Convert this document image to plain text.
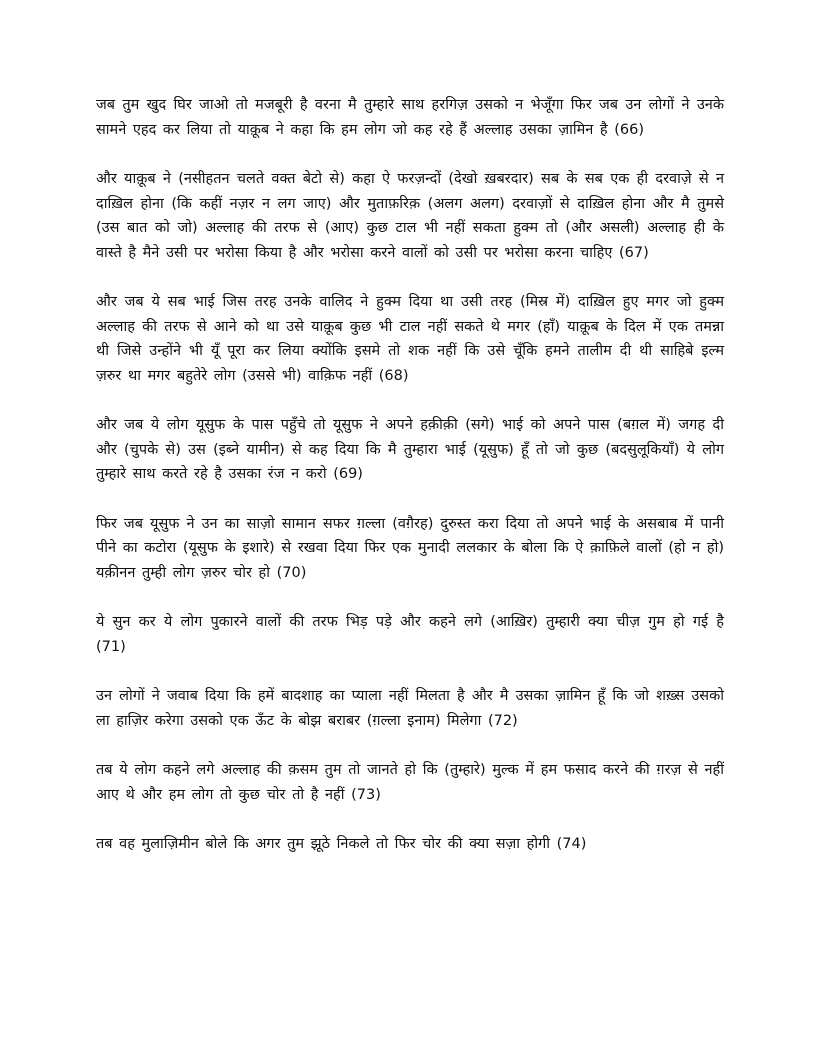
जब तुम खुद घिर जाओ तो मजबूरी है वरना मै तुम्हारे साथ हरगिज़ उसको न भेजूँगा फिर जब उन लोगों ने उनके सामने एहद कर लिया तो याक़ूब ने कहा कि हम लोग जो कह रहे हैं अल्लाह उसका ज़ामिन है (66)

और याक़ूब ने (नसीहतन चलते वक्त बेटो से) कहा ऐ फरज़न्दों (देखो ख़बरदार) सब के सब एक ही दरवाज़े से न दाख़िल होना (कि कहीं नज़र न लग जाए) और मुताफ़रिक़ (अलग अलग) दरवाज़ों से दाख़िल होना और मै तुमसे (उस बात को जो) अल्लाह की तरफ से (आए) कुछ टाल भी नहीं सकता हुक्म तो (और असली) अल्लाह ही के वास्ते है मैने उसी पर भरोसा किया है और भरोसा करने वालों को उसी पर भरोसा करना चाहिए (67)

और जब ये सब भाई जिस तरह उनके वालिद ने हुक्म दिया था उसी तरह (मिस्र में) दाख़िल हुए मगर जो हुक्म अल्लाह की तरफ से आने को था उसे याक़ूब कुछ भी टाल नहीं सकते थे मगर (हाँ) याक़ूब के दिल में एक तमन्ना थी जिसे उन्होंने भी यूँ पूरा कर लिया क्योंकि इसमे तो शक नहीं कि उसे चूँकि हमने तालीम दी थी साहिबे इल्म ज़रुर था मगर बहुतेरे लोग (उससे भी) वाक़िफ नहीं (68)

और जब ये लोग यूसुफ के पास पहुँचे तो यूसुफ ने अपने हक़ीक़ी (सगे) भाई को अपने पास (बग़ल में) जगह दी और (चुपके से) उस (इब्ने यामीन) से कह दिया कि मै तुम्हारा भाई (यूसुफ) हूँ तो जो कुछ (बदसुलूकियाँ) ये लोग तुम्हारे साथ करते रहे है उसका रंज न करो (69)

फिर जब यूसुफ ने उन का साज़ो सामान सफर ग़ल्ला (वग़ैरह) दुरुस्त करा दिया तो अपने भाई के असबाब में पानी पीने का कटोरा (यूसुफ के इशारे) से रखवा दिया फिर एक मुनादी ललकार के बोला कि ऐ क़ाफ़िले वालों (हो न हो) यक़ीनन तुम्ही लोग ज़रुर चोर हो (70)

ये सुन कर ये लोग पुकारने वालों की तरफ भिड़ पड़े और कहने लगे (आख़िर) तुम्हारी क्या चीज़ गुम हो गई है (71)

उन लोगों ने जवाब दिया कि हमें बादशाह का प्याला नहीं मिलता है और मै उसका ज़ामिन हूँ कि जो शख़्स उसको ला हाज़िर करेगा उसको एक ऊँट के बोझ बराबर (ग़ल्ला इनाम) मिलेगा (72)

तब ये लोग कहने लगे अल्लाह की क़सम तुम तो जानते हो कि (तुम्हारे) मुल्क में हम फसाद करने की ग़रज़ से नहीं आए थे और हम लोग तो कुछ चोर तो है नहीं (73)

तब वह मुलाज़िमीन बोले कि अगर तुम झूठे निकले तो फिर चोर की क्या सज़ा होगी (74)
